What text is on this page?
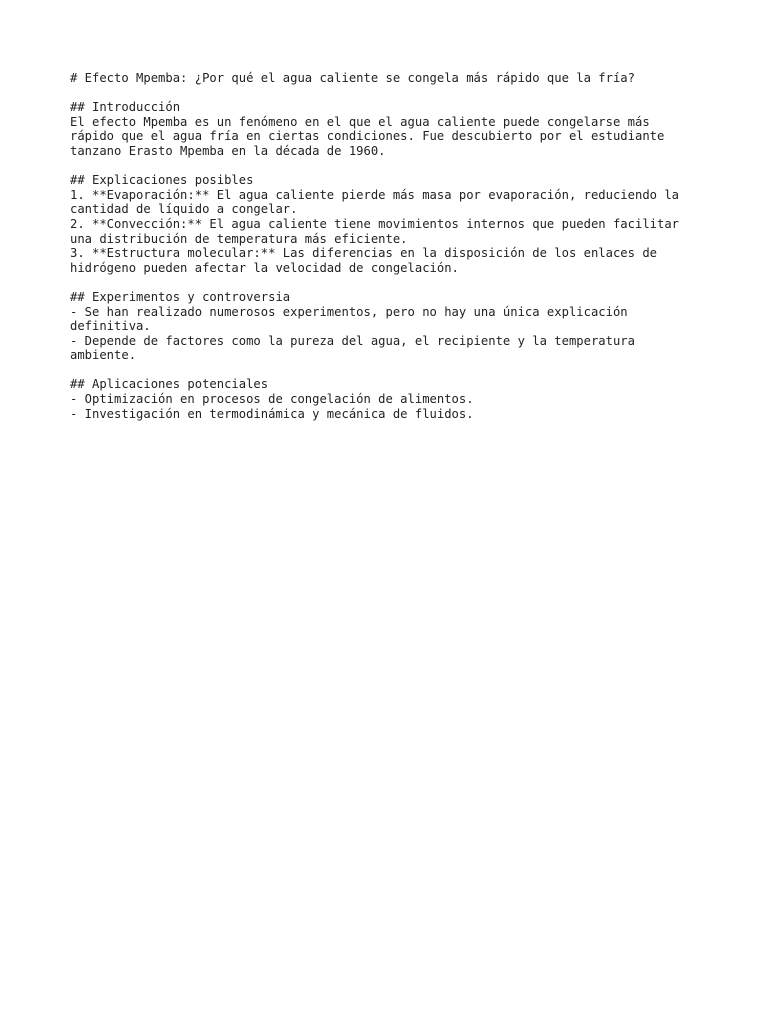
# Efecto Mpemba: ¿Por qué el agua caliente se congela más rápido que la fría?
## Introducción
El efecto Mpemba es un fenómeno en el que el agua caliente puede congelarse más
rápido que el agua fría en ciertas condiciones. Fue descubierto por el estudiante
tanzano Erasto Mpemba en la década de 1960.
## Explicaciones posibles
1. **Evaporación:** El agua caliente pierde más masa por evaporación, reduciendo la
cantidad de líquido a congelar.
2. **Convección:** El agua caliente tiene movimientos internos que pueden facilitar
una distribución de temperatura más eficiente.
3. **Estructura molecular:** Las diferencias en la disposición de los enlaces de
hidrógeno pueden afectar la velocidad de congelación.
## Experimentos y controversia
- Se han realizado numerosos experimentos, pero no hay una única explicación
definitiva.
- Depende de factores como la pureza del agua, el recipiente y la temperatura
ambiente.
## Aplicaciones potenciales
- Optimización en procesos de congelación de alimentos.
- Investigación en termodinámica y mecánica de fluidos.
